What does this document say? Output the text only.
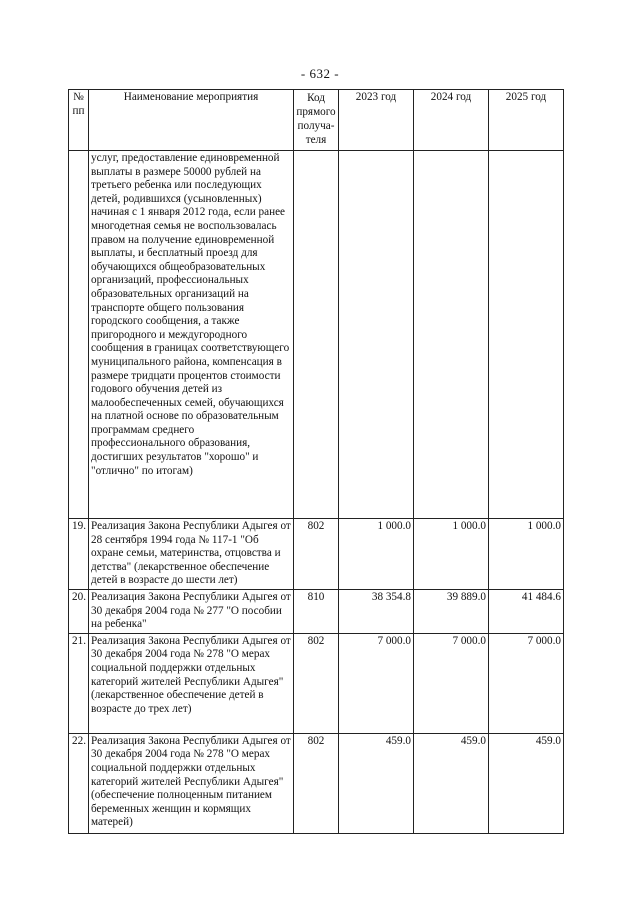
- 632 -
№ пп	Наименование мероприятия	Код прямого получа-теля	2023 год	2024 год	2025 год
	услуг, предоставление единовременной выплаты в размере 50000 рублей на третьего ребенка или последующих детей, родившихся (усыновленных) начиная с 1 января 2012 года, если ранее многодетная семья не воспользовалась правом на получение единовременной выплаты, и бесплатный проезд для обучающихся общеобразовательных организаций, профессиональных образовательных организаций на транспорте общего пользования городского сообщения, а также пригородного и междугородного сообщения в границах соответствующего муниципального района, компенсация в размере тридцати процентов стоимости годового обучения детей из малообеспеченных семей, обучающихся на платной основе по образовательным программам среднего профессионального образования, достигших результатов "хорошо" и "отлично" по итогам)				
19.	Реализация Закона Республики Адыгея от 28 сентября 1994 года № 117-1 "Об охране семьи, материнства, отцовства и детства" (лекарственное обеспечение детей в возрасте до шести лет)	802	1 000.0	1 000.0	1 000.0
20.	Реализация Закона Республики Адыгея от 30 декабря 2004 года № 277 "О пособии на ребенка"	810	38 354.8	39 889.0	41 484.6
21.	Реализация Закона Республики Адыгея от 30 декабря 2004 года № 278 "О мерах социальной поддержки отдельных категорий жителей Республики Адыгея" (лекарственное обеспечение детей в возрасте до трех лет)	802	7 000.0	7 000.0	7 000.0
22.	Реализация Закона Республики Адыгея от 30 декабря 2004 года № 278 "О мерах социальной поддержки отдельных категорий жителей Республики Адыгея" (обеспечение полноценным питанием беременных женщин и кормящих матерей)	802	459.0	459.0	459.0
